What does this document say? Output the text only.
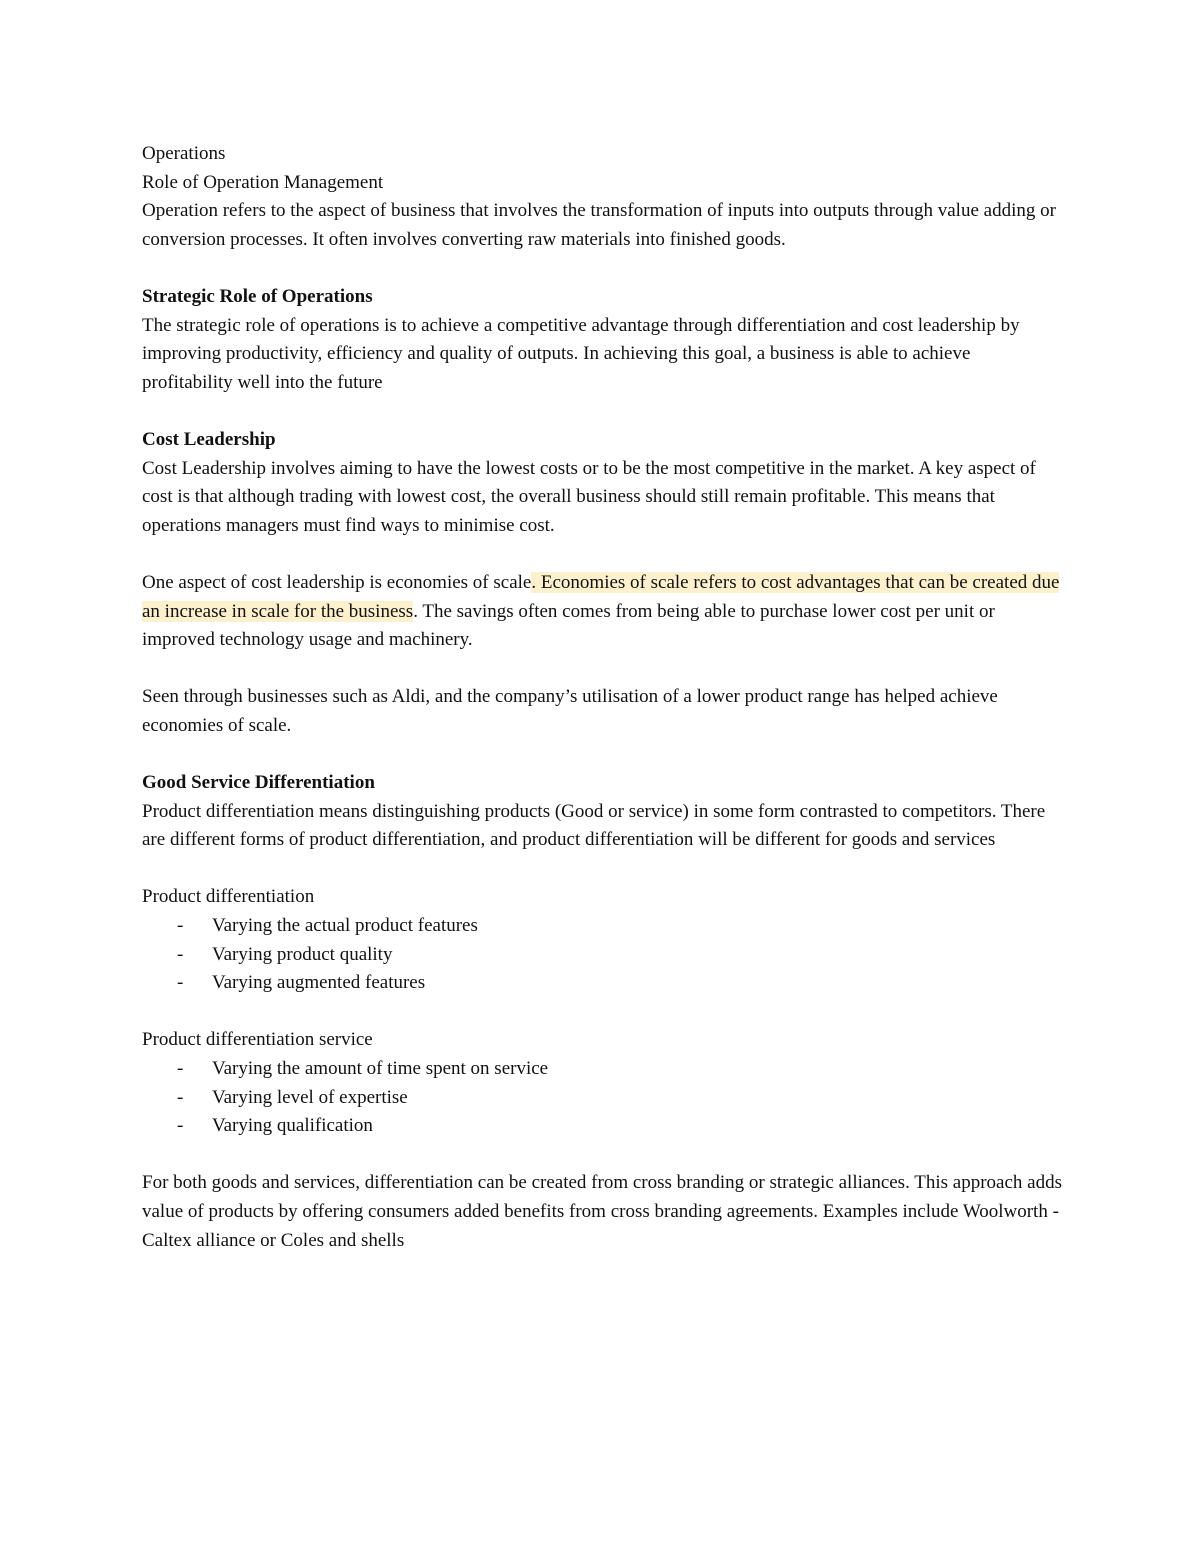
Operations

Role of Operation Management

Operation refers to the aspect of business that involves the transformation of inputs into outputs through value adding or conversion processes. It often involves converting raw materials into finished goods.

Strategic Role of Operations

The strategic role of operations is to achieve a competitive advantage through differentiation and cost leadership by improving productivity, efficiency and quality of outputs. In achieving this goal, a business is able to achieve profitability well into the future

Cost Leadership

Cost Leadership involves aiming to have the lowest costs or to be the most competitive in the market. A key aspect of cost is that although trading with lowest cost, the overall business should still remain profitable. This means that operations managers must find ways to minimise cost.

One aspect of cost leadership is economies of scale. Economies of scale refers to cost advantages that can be created due an increase in scale for the business. The savings often comes from being able to purchase lower cost per unit or improved technology usage and machinery.

Seen through businesses such as Aldi, and the company’s utilisation of a lower product range has helped achieve economies of scale.

Good Service Differentiation

Product differentiation means distinguishing products (Good or service) in some form contrasted to competitors. There are different forms of product differentiation, and product differentiation will be different for goods and services

Product differentiation

- Varying the actual product features
- Varying product quality
- Varying augmented features

Product differentiation service

- Varying the amount of time spent on service
- Varying level of expertise
- Varying qualification

For both goods and services, differentiation can be created from cross branding or strategic alliances. This approach adds value of products by offering consumers added benefits from cross branding agreements. Examples include Woolworth - Caltex alliance or Coles and shells
